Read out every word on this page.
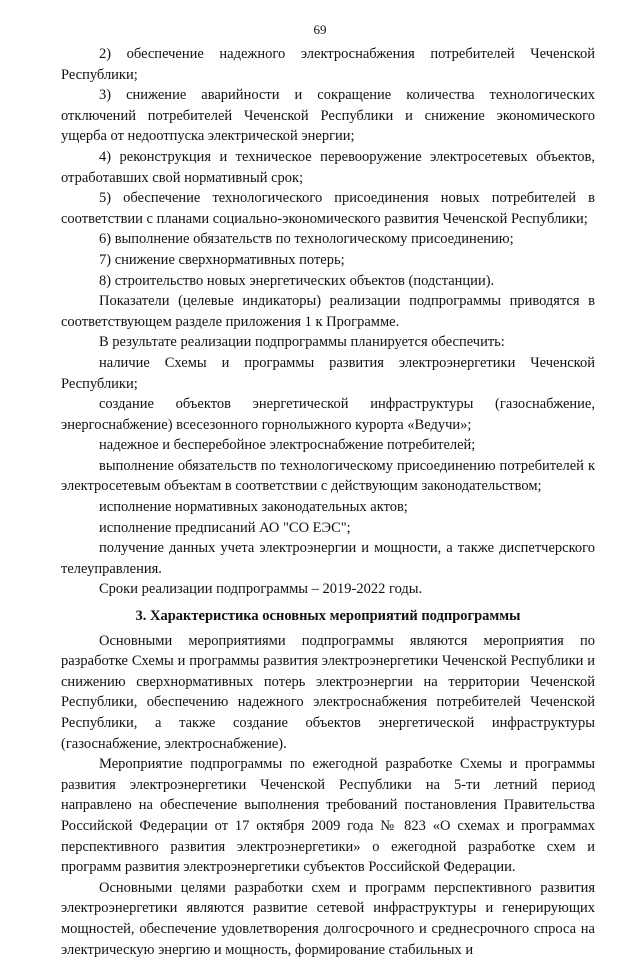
69

2) обеспечение надежного электроснабжения потребителей Чеченской Республики;

3) снижение аварийности и сокращение количества технологических отключений потребителей Чеченской Республики и снижение экономического ущерба от недоотпуска электрической энергии;

4) реконструкция и техническое перевооружение электросетевых объектов, отработавших свой нормативный срок;

5) обеспечение технологического присоединения новых потребителей в соответствии с планами социально-экономического развития Чеченской Республики;

6) выполнение обязательств по технологическому присоединению;

7) снижение сверхнормативных потерь;

8) строительство новых энергетических объектов (подстанции).

Показатели (целевые индикаторы) реализации подпрограммы приводятся в соответствующем разделе приложения 1 к Программе.

В результате реализации подпрограммы планируется обеспечить:

наличие Схемы и программы развития электроэнергетики Чеченской Республики;

создание объектов энергетической инфраструктуры (газоснабжение, энергоснабжение) всесезонного горнолыжного курорта «Ведучи»;

надежное и бесперебойное электроснабжение потребителей;

выполнение обязательств по технологическому присоединению потребителей к электросетевым объектам в соответствии с действующим законодательством;

исполнение нормативных законодательных актов;

исполнение предписаний АО "СО ЕЭС";

получение данных учета электроэнергии и мощности, а также диспетчерского телеуправления.

Сроки реализации подпрограммы – 2019-2022 годы.

3. Характеристика основных мероприятий подпрограммы

Основными мероприятиями подпрограммы являются мероприятия по разработке Схемы и программы развития электроэнергетики Чеченской Республики и снижению сверхнормативных потерь электроэнергии на территории Чеченской Республики, обеспечению надежного электроснабжения потребителей Чеченской Республики, а также создание объектов энергетической инфраструктуры (газоснабжение, электроснабжение).

Мероприятие подпрограммы по ежегодной разработке Схемы и программы развития электроэнергетики Чеченской Республики на 5-ти летний период направлено на обеспечение выполнения требований постановления Правительства Российской Федерации от 17 октября 2009 года № 823 «О схемах и программах перспективного развития электроэнергетики» о ежегодной разработке схем и программ развития электроэнергетики субъектов Российской Федерации.

Основными целями разработки схем и программ перспективного развития электроэнергетики являются развитие сетевой инфраструктуры и генерирующих мощностей, обеспечение удовлетворения долгосрочного и среднесрочного спроса на электрическую энергию и мощность, формирование стабильных и
